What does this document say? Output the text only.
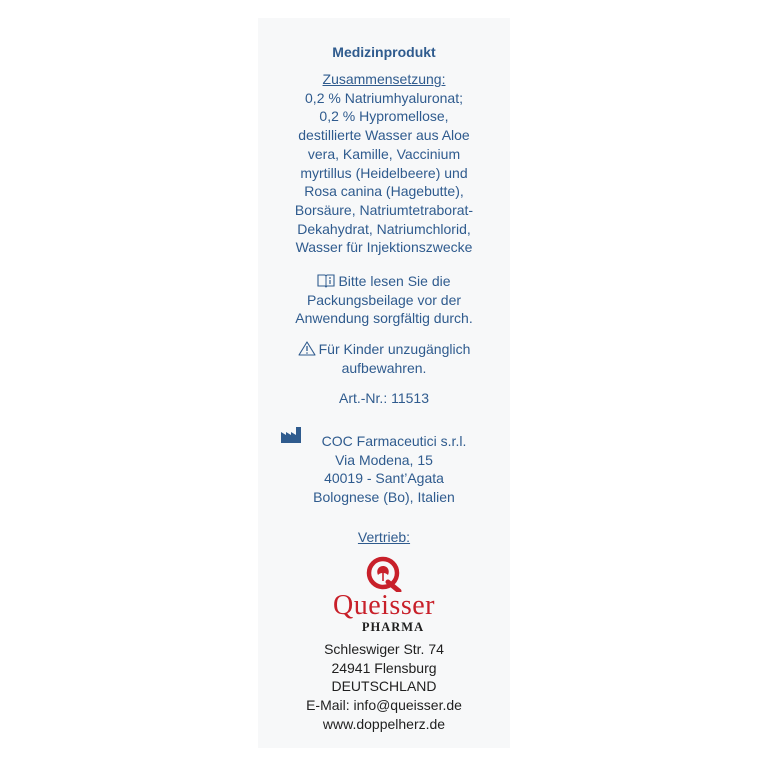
Medizinprodukt
Zusammensetzung:
0,2 % Natriumhyaluronat;
0,2 % Hypromellose,
destillierte Wasser aus Aloe
vera, Kamille, Vaccinium
myrtillus (Heidelbeere) und
Rosa canina (Hagebutte),
Borsäure, Natriumtetraborat-
Dekahydrat, Natriumchlorid,
Wasser für Injektionszwecke
Bitte lesen Sie die
Packungsbeilage vor der
Anwendung sorgfältig durch.
Für Kinder unzugänglich
aufbewahren.
Art.-Nr.: 11513
COC Farmaceutici s.r.l.
Via Modena, 15
40019 - Sant’Agata
Bolognese (Bo), Italien
Vertrieb:
Queisser
PHARMA
Schleswiger Str. 74
24941 Flensburg
DEUTSCHLAND
E-Mail: info@queisser.de
www.doppelherz.de
